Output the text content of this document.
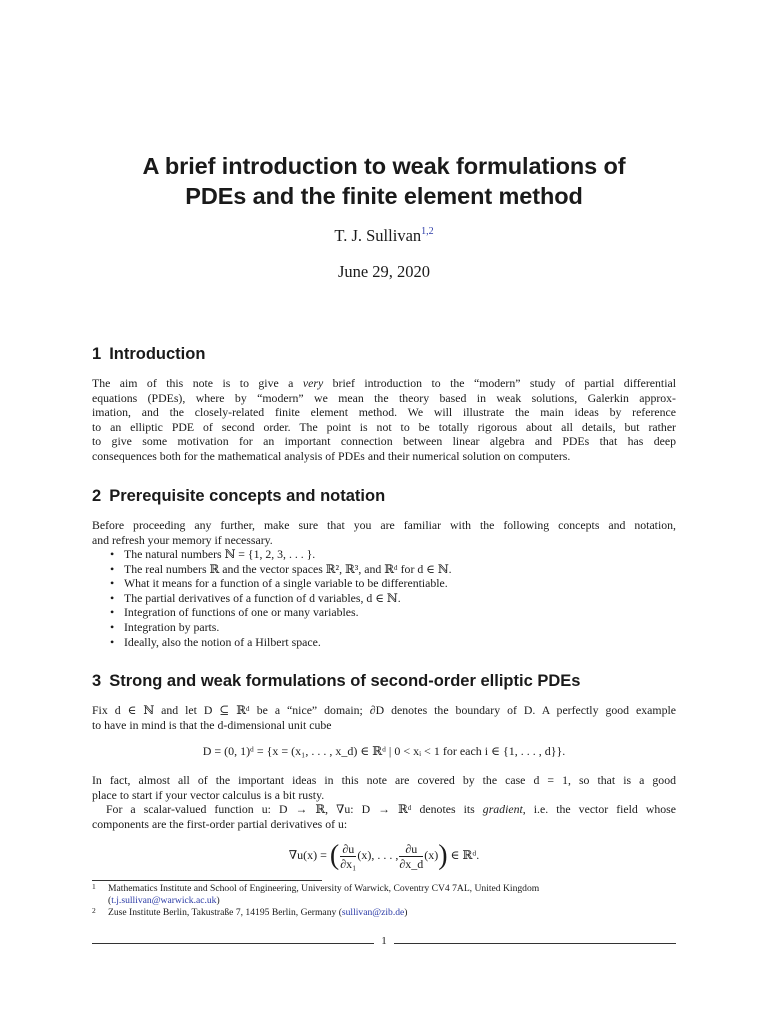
A brief introduction to weak formulations of
PDEs and the finite element method
T. J. Sullivan$^{1,2}$
June 29, 2020
1 Introduction
The aim of this note is to give a very brief introduction to the “modern” study of partial differential
equations (PDEs), where by “modern” we mean the theory based in weak solutions, Galerkin approx-
imation, and the closely-related finite element method. We will illustrate the main ideas by reference
to an elliptic PDE of second order. The point is not to be totally rigorous about all details, but rather
to give some motivation for an important connection between linear algebra and PDEs that has deep
consequences both for the mathematical analysis of PDEs and their numerical solution on computers.
2 Prerequisite concepts and notation
Before proceeding any further, make sure that you are familiar with the following concepts and notation,
and refresh your memory if necessary.
• The natural numbers ℕ = {1, 2, 3, . . . }.
• The real numbers ℝ and the vector spaces ℝ², ℝ³, and ℝᵈ for d ∈ ℕ.
• What it means for a function of a single variable to be differentiable.
• The partial derivatives of a function of d variables, d ∈ ℕ.
• Integration of functions of one or many variables.
• Integration by parts.
• Ideally, also the notion of a Hilbert space.
3 Strong and weak formulations of second-order elliptic PDEs
Fix d ∈ ℕ and let D ⊆ ℝᵈ be a “nice” domain; ∂D denotes the boundary of D. A perfectly good example
to have in mind is that the d-dimensional unit cube
D = (0, 1)ᵈ = {x = (x₁, . . . , x_d) ∈ ℝᵈ | 0 < xᵢ < 1 for each i ∈ {1, . . . , d}}.
In fact, almost all of the important ideas in this note are covered by the case d = 1, so that is a good
place to start if your vector calculus is a bit rusty.
For a scalar-valued function u: D → ℝ, ∇u: D → ℝᵈ denotes its gradient, i.e. the vector field whose
components are the first-order partial derivatives of u:
∇u(x) = ( $\frac{\partial u}{\text{∂x₁}} (x)$, . . . , $\frac{\partial u}{\partial x\_d} (x)$) ∈ ℝᵈ.
1	Mathematics Institute and School of Engineering, University of Warwick, Coventry CV4 7AL, United Kingdom
(t.j.sullivan@warwick.ac.uk)
2	Zuse Institute Berlin, Takustraße 7, 14195 Berlin, Germany (sullivan@zib.de)
1
